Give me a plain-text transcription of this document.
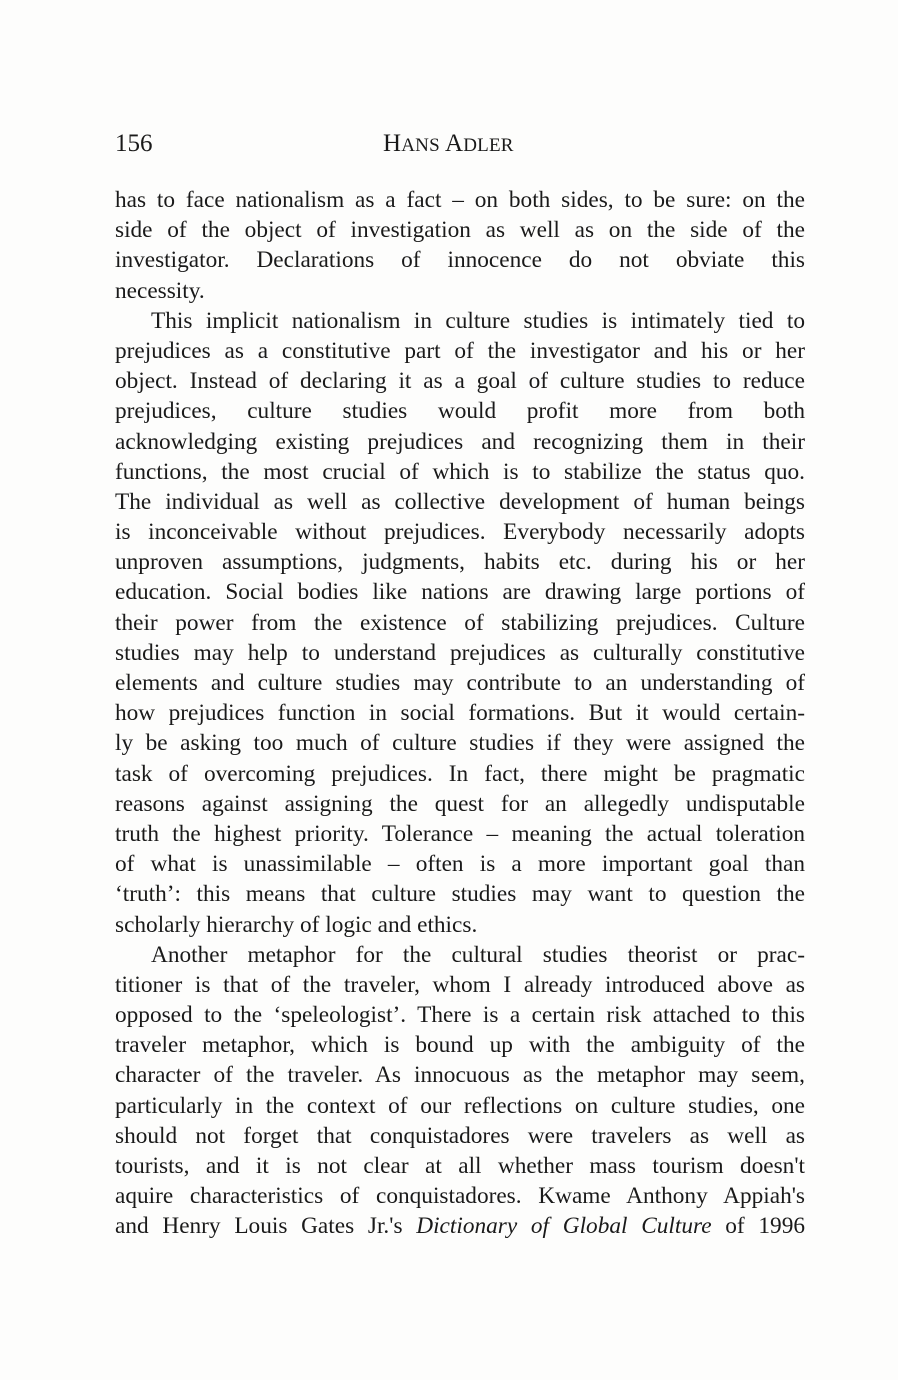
156	HANS ADLER
has to face nationalism as a fact – on both sides, to be sure: on the
side of the object of investigation as well as on the side of the
investigator. Declarations of innocence do not obviate this
necessity.
This implicit nationalism in culture studies is intimately tied to
prejudices as a constitutive part of the investigator and his or her
object. Instead of declaring it as a goal of culture studies to reduce
prejudices, culture studies would profit more from both
acknowledging existing prejudices and recognizing them in their
functions, the most crucial of which is to stabilize the status quo.
The individual as well as collective development of human beings
is inconceivable without prejudices. Everybody necessarily adopts
unproven assumptions, judgments, habits etc. during his or her
education. Social bodies like nations are drawing large portions of
their power from the existence of stabilizing prejudices. Culture
studies may help to understand prejudices as culturally constitutive
elements and culture studies may contribute to an understanding of
how prejudices function in social formations. But it would certain-
ly be asking too much of culture studies if they were assigned the
task of overcoming prejudices. In fact, there might be pragmatic
reasons against assigning the quest for an allegedly undisputable
truth the highest priority. Tolerance – meaning the actual toleration
of what is unassimilable – often is a more important goal than
‘truth’: this means that culture studies may want to question the
scholarly hierarchy of logic and ethics.
Another metaphor for the cultural studies theorist or prac-
titioner is that of the traveler, whom I already introduced above as
opposed to the ‘speleologist’. There is a certain risk attached to this
traveler metaphor, which is bound up with the ambiguity of the
character of the traveler. As innocuous as the metaphor may seem,
particularly in the context of our reflections on culture studies, one
should not forget that conquistadores were travelers as well as
tourists, and it is not clear at all whether mass tourism doesn't
aquire characteristics of conquistadores. Kwame Anthony Appiah's
and Henry Louis Gates Jr.'s Dictionary of Global Culture of 1996
